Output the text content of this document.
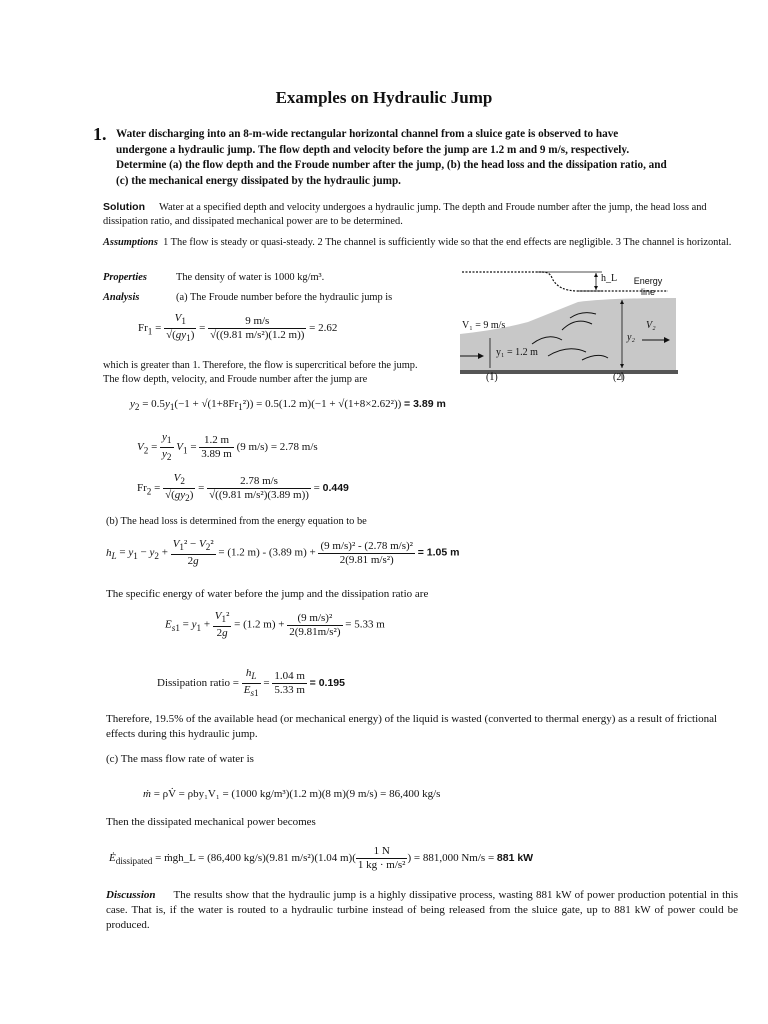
Examples on Hydraulic Jump
1. Water discharging into an 8-m-wide rectangular horizontal channel from a sluice gate is observed to have undergone a hydraulic jump. The flow depth and velocity before the jump are 1.2 m and 9 m/s, respectively. Determine (a) the flow depth and the Froude number after the jump, (b) the head loss and the dissipation ratio, and (c) the mechanical energy dissipated by the hydraulic jump.
Solution Water at a specified depth and velocity undergoes a hydraulic jump. The depth and Froude number after the jump, the head loss and dissipation ratio, and dissipated mechanical power are to be determined.
Assumptions 1 The flow is steady or quasi-steady. 2 The channel is sufficiently wide so that the end effects are negligible. 3 The channel is horizontal.
Properties	The density of water is 1000 kg/m³.
Analysis	(a) The Froude number before the hydraulic jump is
$Fr_1 = \frac{V_1}{√(gy_1)} = \frac{9 m/s}{\text{√((9.81 m/s²)(1.2 m))}} = 2.62$
h_L	Energy line
V₁ = 9 m/s
y₁ = 1.2 m
V₂
y₂
(1)	(2)
which is greater than 1. Therefore, the flow is supercritical before the jump. The flow depth, velocity, and Froude number after the jump are
$y_2 = 0.5y_1(-1 + √(1+8Fr_1^2)) = 0.5(1.2$ m)(−1 + √(1+8×2.62²)) = 3.89 m
$V_2 = \frac{y_1}{y_2} V_1 = \frac{1.2 m}{3.89 m} (9$ m/s) = 2.78 m/s
$Fr_2 = \frac{V_2}{√(gy_2)} = \frac{2.78 m/s}{\text{√((9.81 m/s²)(3.89 m))}} = 0.449$
(b) The head loss is determined from the energy equation to be
$h_L = y_1 - y_2 + \frac{V_1^2 - V_2^2}{2g} = (1.2$ m) - (3.89 $m) + \frac{\text{(9 m/s)² - (2.78 m/s)²}}{\text{2(9.81 m/s²)}} = 1.05$ m
The specific energy of water before the jump and the dissipation ratio are
$E_{s1} = y_1 + \frac{V_1^2}{2g} = (1.2$ $m) + \frac{\text{(9 m/s)²}}{\text{2(9.81m/s²)}} = 5.33$ m
Dissipation ratio = $\frac{h_L}{E_{s1}} = \frac{1.04 m}{5.33 m} = 0.195$
Therefore, 19.5% of the available head (or mechanical energy) of the liquid is wasted (converted to thermal energy) as a result of frictional effects during this hydraulic jump.
(c) The mass flow rate of water is
ṁ = ρV̇ = ρby₁V₁ = (1000 kg/m³)(1.2 m)(8 m)(9 m/s) = 86,400 kg/s
Then the dissipated mechanical power becomes
$Ė_{dissipated}$ = ṁgh_L = (86,400 kg/s)(9.81 m/s²)(1.04 $m)( \frac{1 N}{\text{1 kg · m/s²}}$ ) = 881,000 Nm/s = 881 kW
Discussion The results show that the hydraulic jump is a highly dissipative process, wasting 881 kW of power production potential in this case. That is, if the water is routed to a hydraulic turbine instead of being released from the sluice gate, up to 881 kW of power could be produced.
